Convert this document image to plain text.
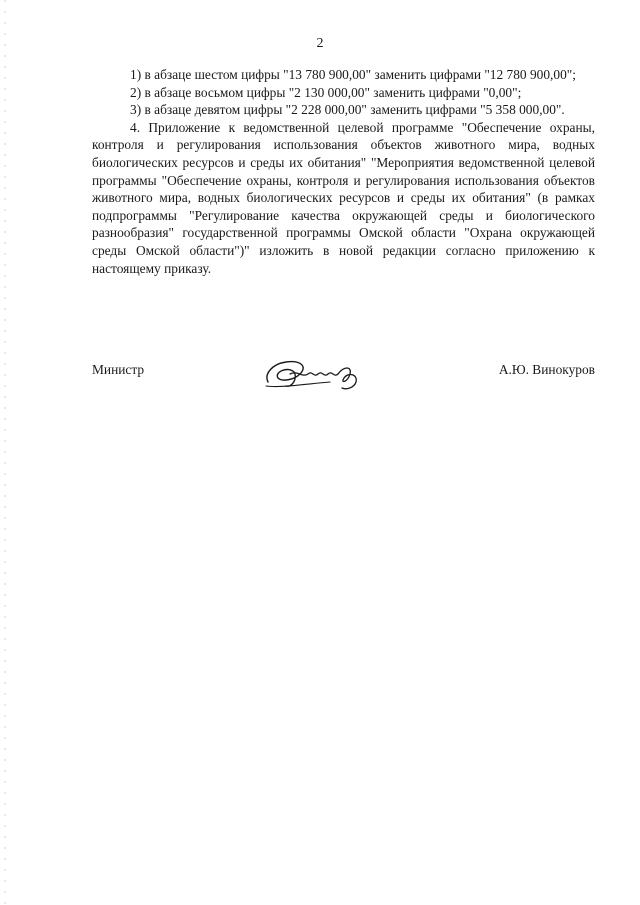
2

1) в абзаце шестом цифры "13 780 900,00" заменить цифрами "12 780 900,00";

2) в абзаце восьмом цифры "2 130 000,00" заменить цифрами "0,00";

3) в абзаце девятом цифры "2 228 000,00" заменить цифрами "5 358 000,00".

4. Приложение к ведомственной целевой программе "Обеспечение охраны, контроля и регулирования использования объектов животного мира, водных биологических ресурсов и среды их обитания" "Мероприятия ведомственной целевой программы "Обеспечение охраны, контроля и регулирования использования объектов животного мира, водных биологических ресурсов и среды их обитания" (в рамках подпрограммы "Регулирование качества окружающей среды и биологического разнообразия" государственной программы Омской области "Охрана окружающей среды Омской области")" изложить в новой редакции согласно приложению к настоящему приказу.

Министр	А.Ю. Винокуров
